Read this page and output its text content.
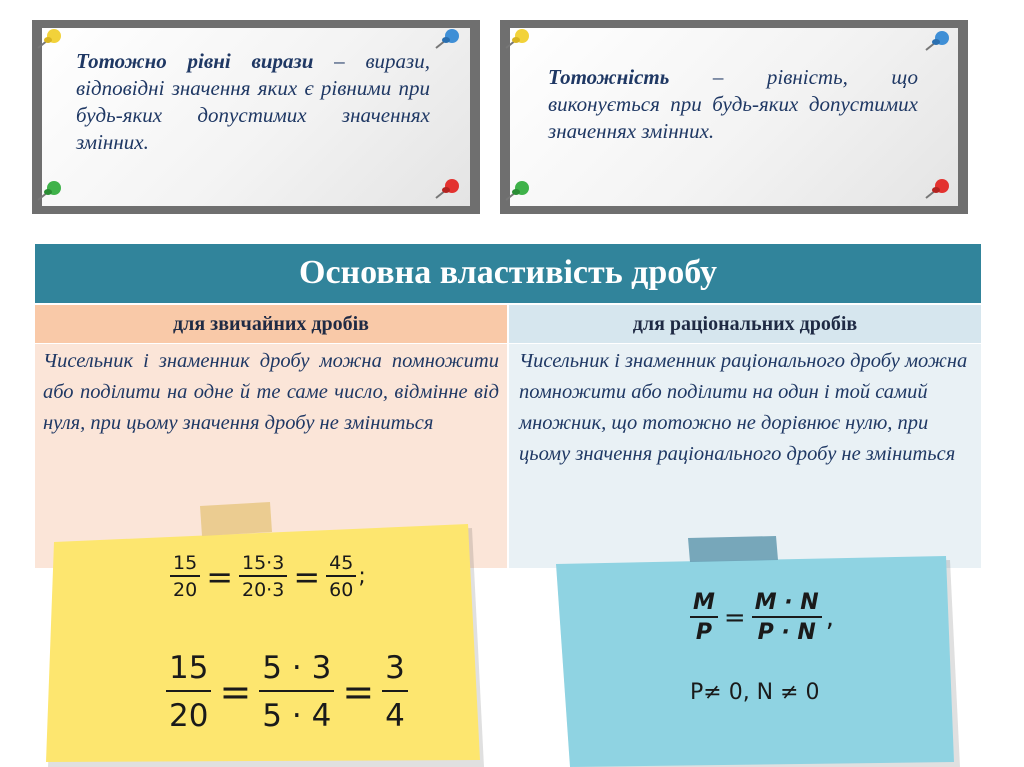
Тотожно рівні вирази – вирази, відповідні значення яких є рівними при будь-яких допустимих значеннях змінних.
Тотожність – рівність, що виконується при будь-яких допустимих значеннях змінних.
Основна властивість дробу
для звичайних дробів	для раціональних дробів
Чисельник і знаменник дробу можна помножити або поділити на одне й те саме число, відмінне від нуля, при цьому значення дробу не зміниться
Чисельник і знаменник раціонального дробу можна помножити або поділити на один і той самий множник, що тотожно не дорівнює нулю, при цьому значення раціонального дробу не зміниться
$\frac{15}{20} = \frac{15\cdot 3}{20\cdot 3} = \frac{45}{60}$ ;
$\frac{15}{20} = \frac{5 \cdot 3}{5 \cdot 4} = \frac{3}{4}$
$\frac{M}{P} = \frac{M \cdot N}{P \cdot N}$ ,
P≠ 0, N ≠ 0
